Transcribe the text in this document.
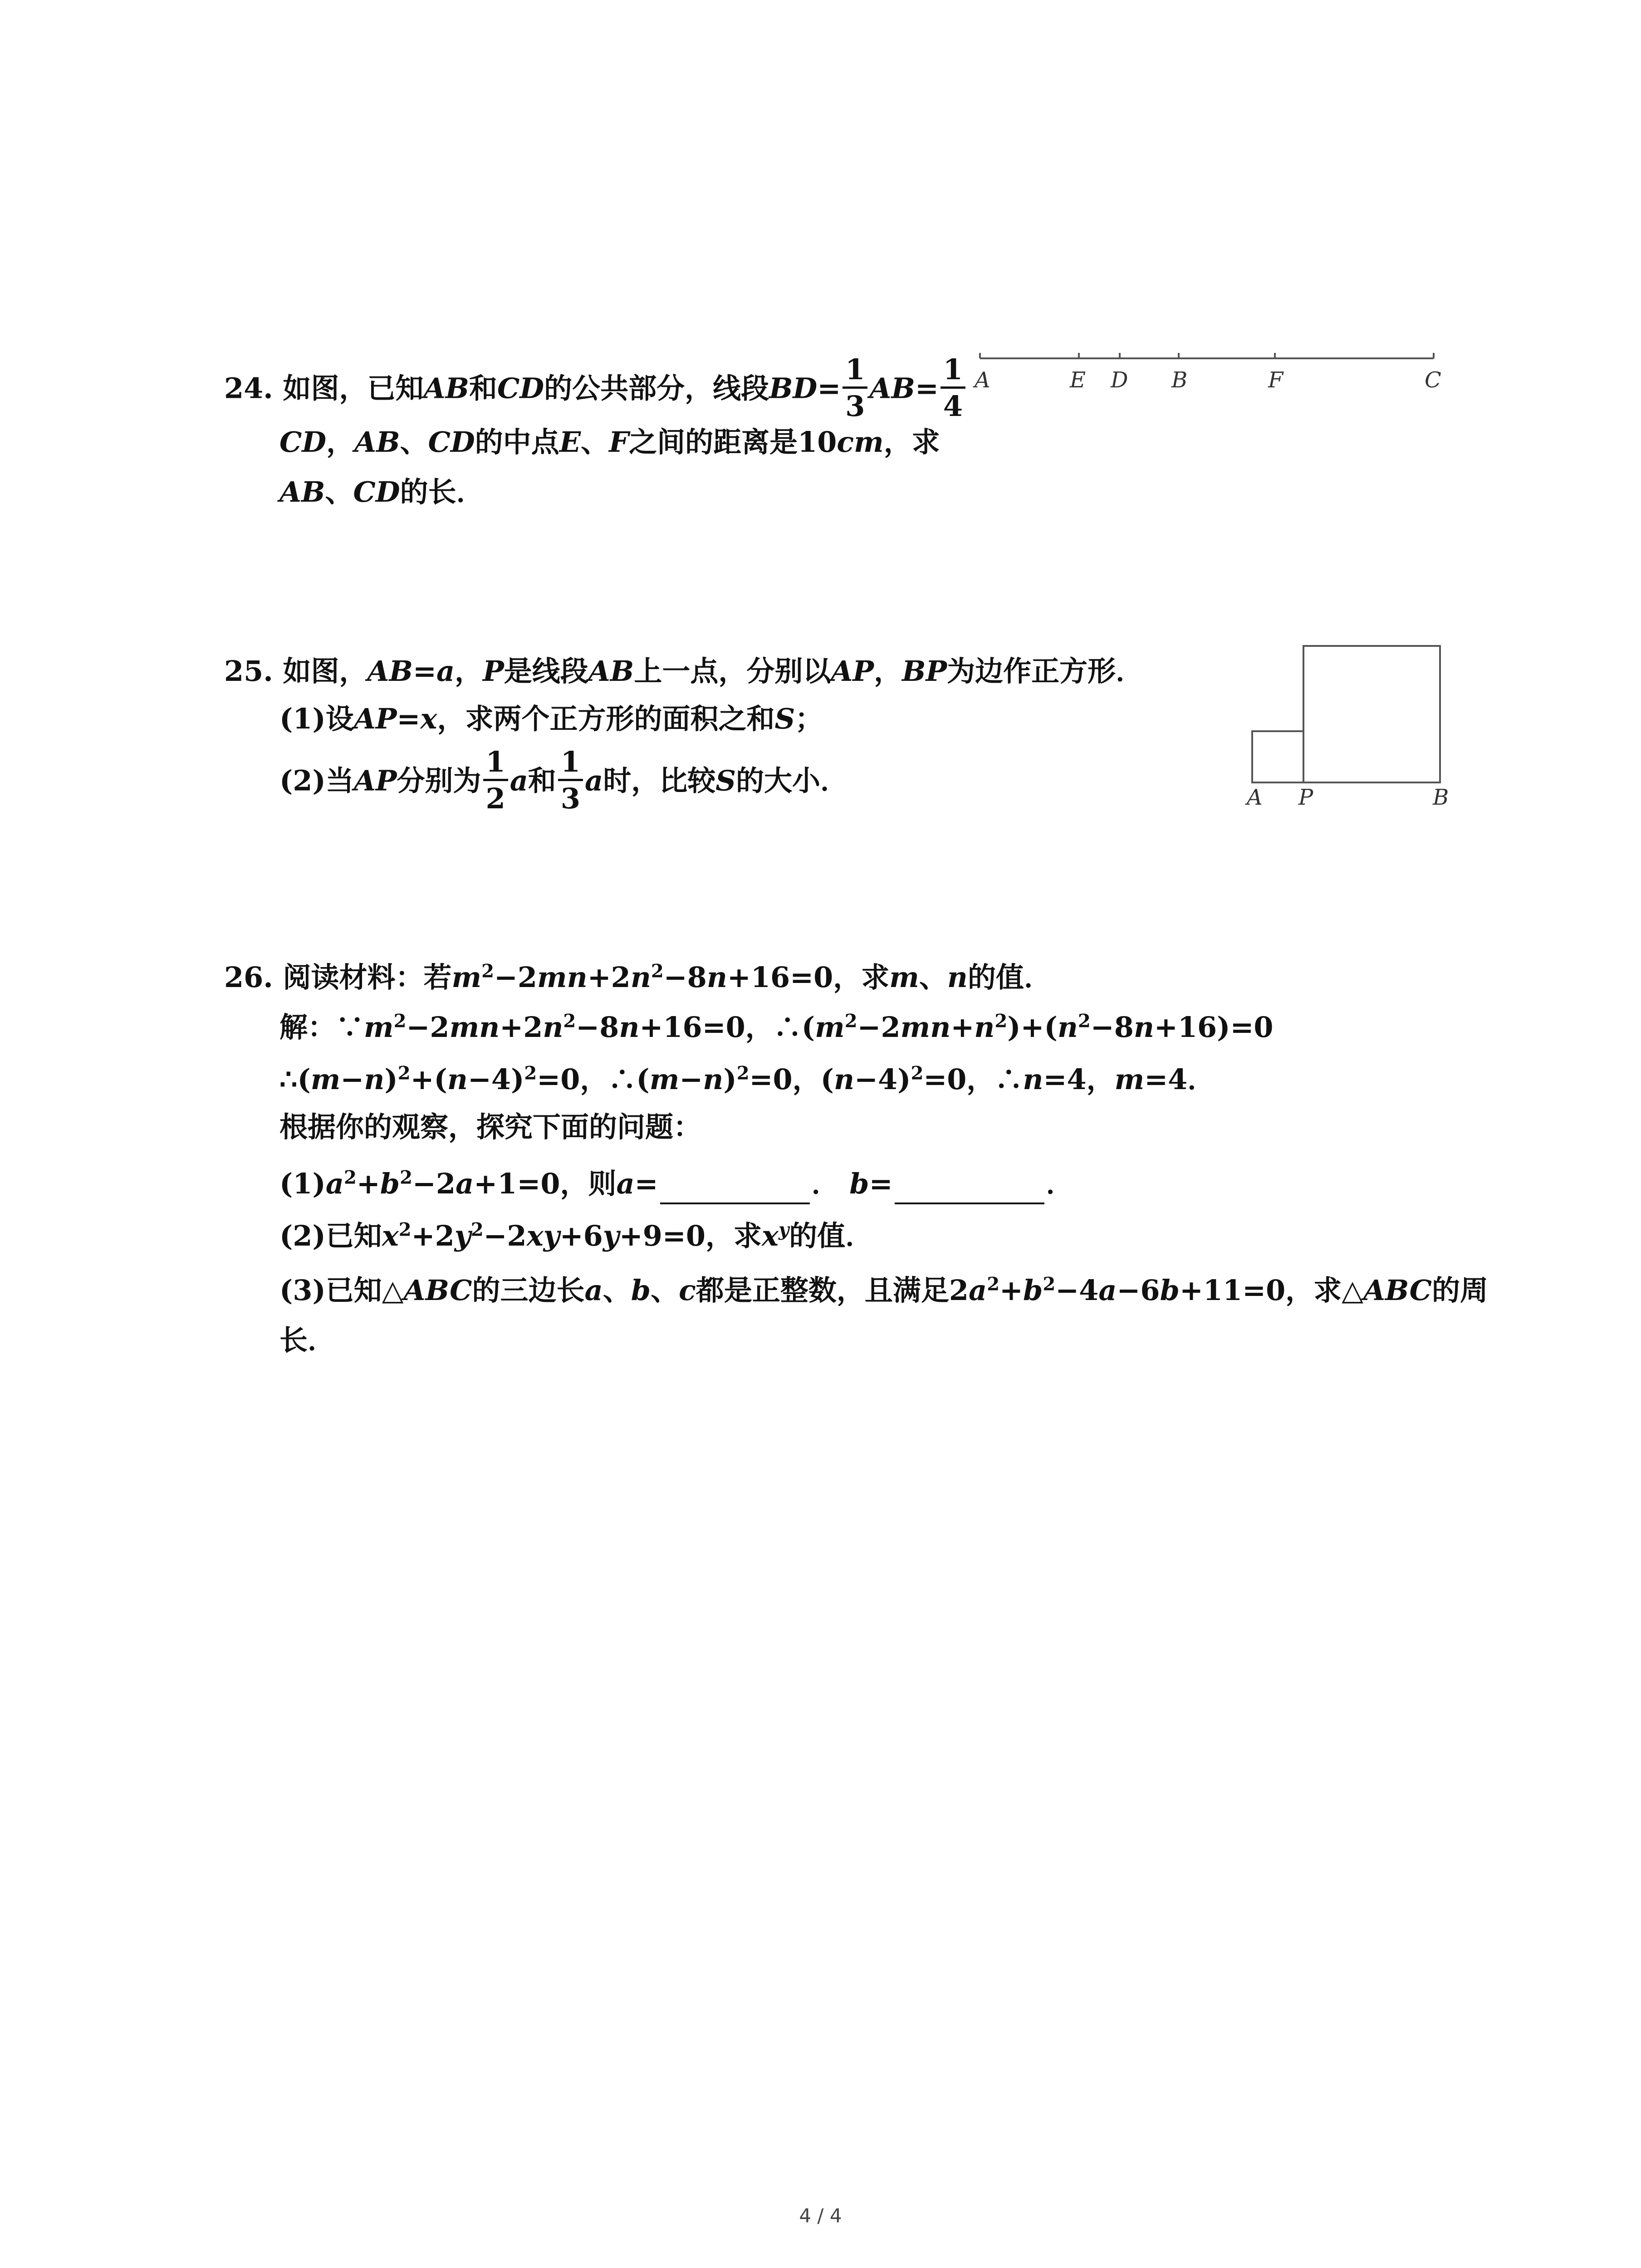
24. 如图，已知AB和CD的公共部分，线段$BD= \frac{1}{3} AB= \frac{1}{4}$
CD，AB、CD的中点E、F之间的距离是10cm，求
AB、CD的长．
A	E D B	F	C
25. 如图，AB=a，P是线段AB上一点，分别以AP，BP为边作正方形．
(1)设AP=x，求两个正方形的面积之和S；
(2)当AP分别为 $\frac{1}{2}$ a和 $\frac{1}{3}$ a时，比较S的大小．
A P	B
26. 阅读材料：若$m^2-2mn+2n^2-8n+16=0$，求m、n的值．
解：$\because m^2-2mn+2n^2-8n+16=0$，$\therefore(m^2-2mn+n^2)+(n^2-8n+16)=0$
$\therefore(m-n)^2+(n-4)^2=0$，$\therefore(m-n)^2=0$，$(n-4)^2=0$，∴n=4，m=4．
根据你的观察，探究下面的问题：
$(1)a^2+b^2-2a+1=0$，则a=	． b=	．
(2)已知$x^2+2y^2-2xy+6y+9=0$，求$x^y$的值．
(3)已知△ABC的三边长a、b、c都是正整数，且满足$2a^2+b^2-4a-6b+11=0$，求△ABC的周
长．
4 / 4
